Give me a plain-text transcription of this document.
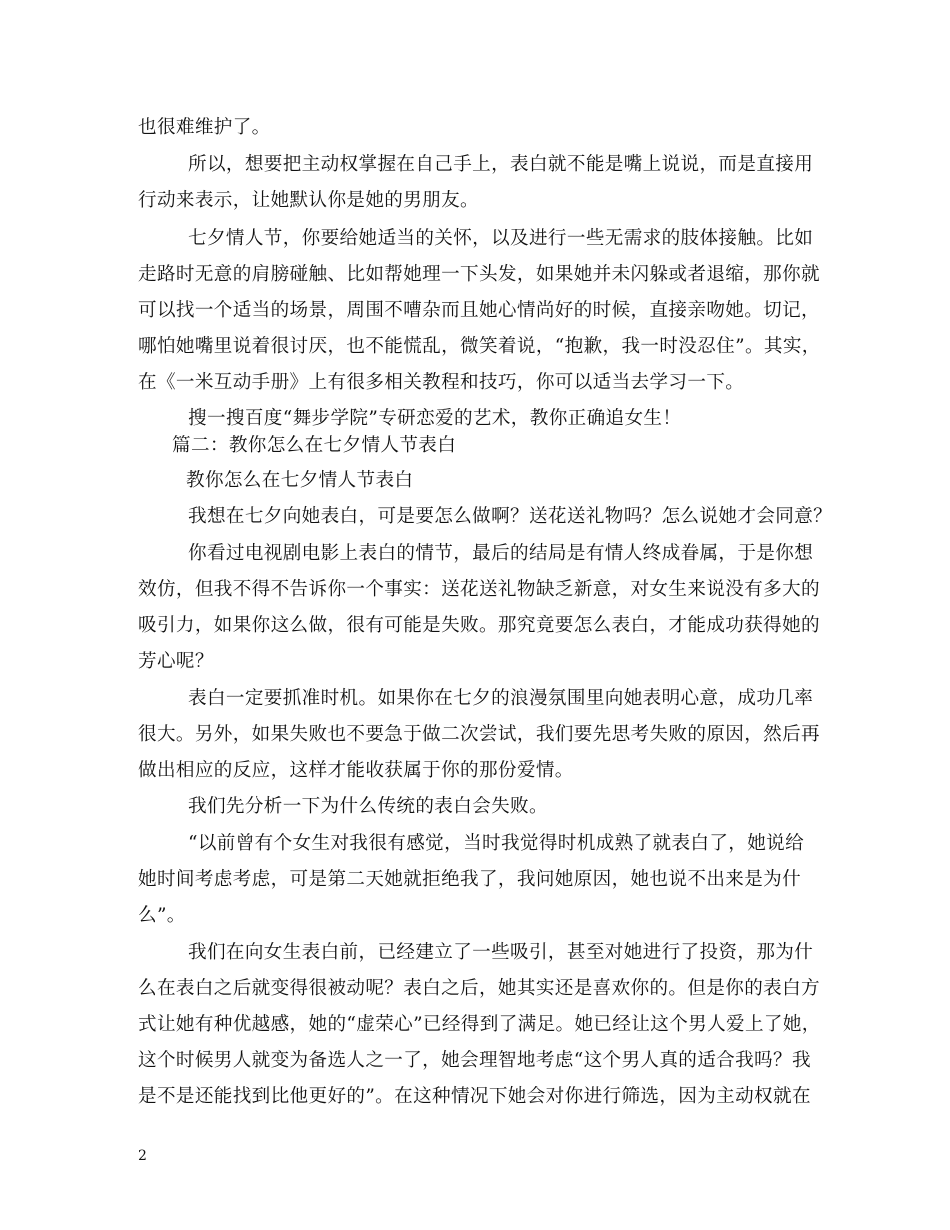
也很难维护了。
所以，想要把主动权掌握在自己手上，表白就不能是嘴上说说，而是直接用
行动来表示，让她默认你是她的男朋友。
七夕情人节，你要给她适当的关怀，以及进行一些无需求的肢体接触。比如
走路时无意的肩膀碰触、比如帮她理一下头发，如果她并未闪躲或者退缩，那你就
可以找一个适当的场景，周围不嘈杂而且她心情尚好的时候，直接亲吻她。切记，
哪怕她嘴里说着很讨厌，也不能慌乱，微笑着说，“抱歉，我一时没忍住”。其实，
在《一米互动手册》上有很多相关教程和技巧，你可以适当去学习一下。
搜一搜百度“舞步学院”专研恋爱的艺术，教你正确追女生！
篇二：教你怎么在七夕情人节表白
教你怎么在七夕情人节表白
我想在七夕向她表白，可是要怎么做啊？送花送礼物吗？怎么说她才会同意？
你看过电视剧电影上表白的情节，最后的结局是有情人终成眷属，于是你想
效仿，但我不得不告诉你一个事实：送花送礼物缺乏新意，对女生来说没有多大的
吸引力，如果你这么做，很有可能是失败。那究竟要怎么表白，才能成功获得她的
芳心呢？
表白一定要抓准时机。如果你在七夕的浪漫氛围里向她表明心意，成功几率
很大。另外，如果失败也不要急于做二次尝试，我们要先思考失败的原因，然后再
做出相应的反应，这样才能收获属于你的那份爱情。
我们先分析一下为什么传统的表白会失败。
“以前曾有个女生对我很有感觉，当时我觉得时机成熟了就表白了，她说给
她时间考虑考虑，可是第二天她就拒绝我了，我问她原因，她也说不出来是为什
么”。
我们在向女生表白前，已经建立了一些吸引，甚至对她进行了投资，那为什
么在表白之后就变得很被动呢？表白之后，她其实还是喜欢你的。但是你的表白方
式让她有种优越感，她的“虚荣心”已经得到了满足。她已经让这个男人爱上了她，
这个时候男人就变为备选人之一了，她会理智地考虑“这个男人真的适合我吗？我
是不是还能找到比他更好的”。在这种情况下她会对你进行筛选，因为主动权就在
2
